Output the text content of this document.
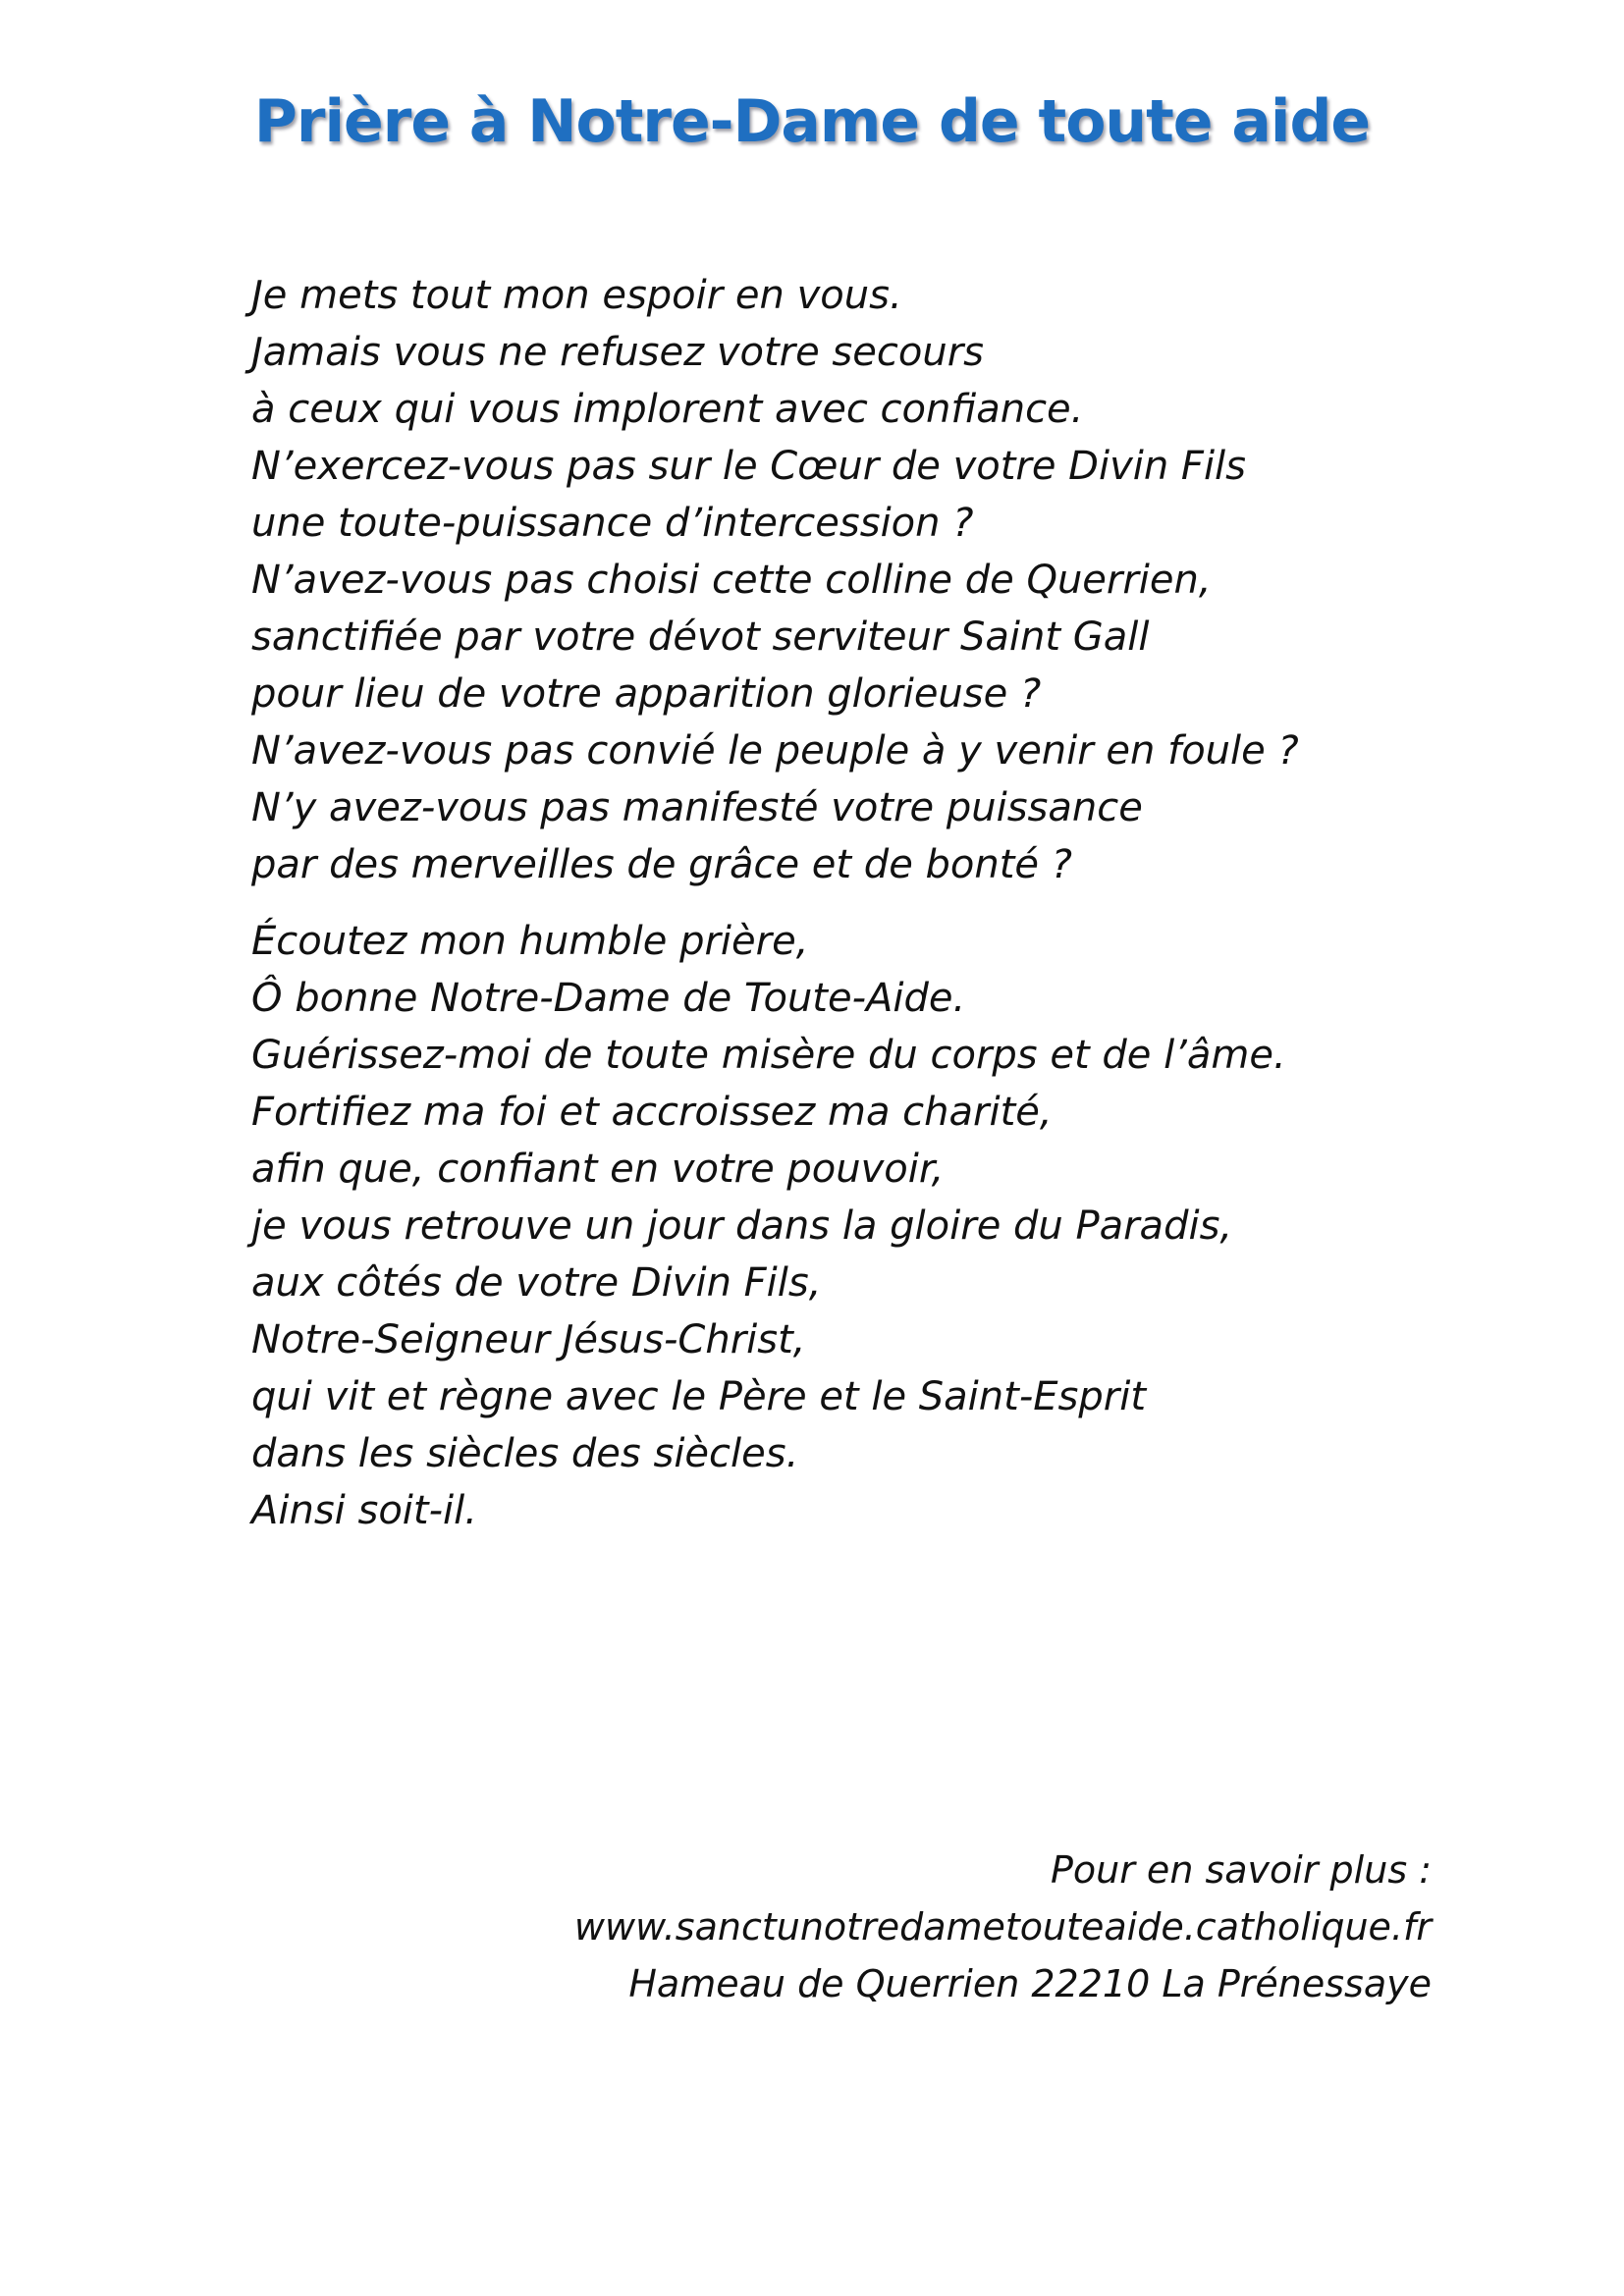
Prière à Notre-Dame de toute aide
Je mets tout mon espoir en vous.
Jamais vous ne refusez votre secours
à ceux qui vous implorent avec confiance.
N’exercez-vous pas sur le Cœur de votre Divin Fils
une toute-puissance d’intercession ?
N’avez-vous pas choisi cette colline de Querrien,
sanctifiée par votre dévot serviteur Saint Gall
pour lieu de votre apparition glorieuse ?
N’avez-vous pas convié le peuple à y venir en foule ?
N’y avez-vous pas manifesté votre puissance
par des merveilles de grâce et de bonté ?
Écoutez mon humble prière,
Ô bonne Notre-Dame de Toute-Aide.
Guérissez-moi de toute misère du corps et de l’âme.
Fortifiez ma foi et accroissez ma charité,
afin que, confiant en votre pouvoir,
je vous retrouve un jour dans la gloire du Paradis,
aux côtés de votre Divin Fils,
Notre-Seigneur Jésus-Christ,
qui vit et règne avec le Père et le Saint-Esprit
dans les siècles des siècles.
Ainsi soit-il.
Pour en savoir plus :
www.sanctunotredametouteaide.catholique.fr
Hameau de Querrien 22210 La Prénessaye
